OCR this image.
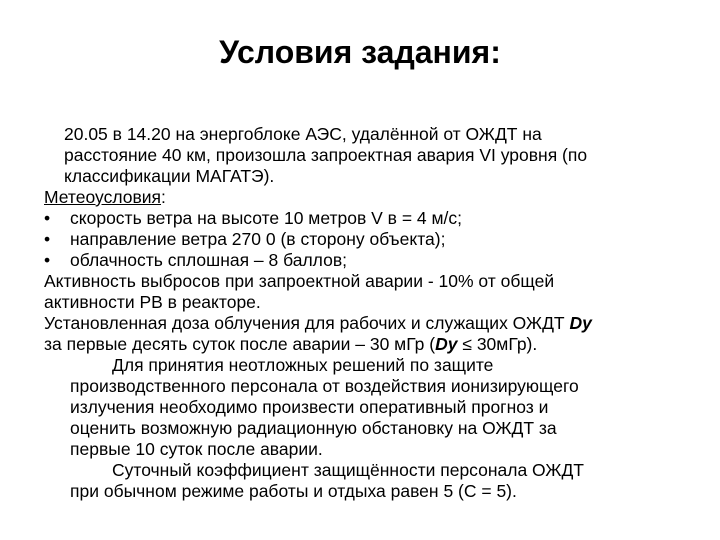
Условия задания:
20.05 в 14.20 на энергоблоке АЭС, удалённой от ОЖДТ на
расстояние 40 км, произошла запроектная авария VI уровня (по
классификации МАГАТЭ).
Метеоусловия:
• скорость ветра на высоте 10 метров V в = 4 м/с;
• направление ветра 270 0 (в сторону объекта);
• облачность сплошная – 8 баллов;
Активность выбросов при запроектной аварии - 10% от общей
активности РВ в реакторе.
Установленная доза облучения для рабочих и служащих ОЖДТ Dy
за первые десять суток после аварии – 30 мГр (Dy ≤ 30мГр).
Для принятия неотложных решений по защите
производственного персонала от воздействия ионизирующего
излучения необходимо произвести оперативный прогноз и
оценить возможную радиационную обстановку на ОЖДТ за
первые 10 суток после аварии.
Суточный коэффициент защищённости персонала ОЖДТ
при обычном режиме работы и отдыха равен 5 (С = 5).
